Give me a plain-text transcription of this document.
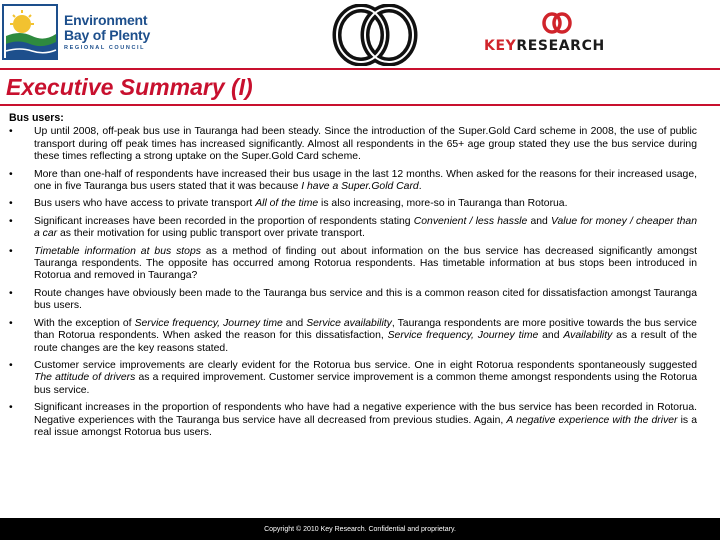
Environment
Bay of Plenty
REGIONAL COUNCIL	KEYRESEARCH
Executive Summary (I)
Bus users:
• Up until 2008, off-peak bus use in Tauranga had been steady. Since the introduction of the Super.Gold Card scheme in 2008, the use of public transport during off peak times has increased significantly. Almost all respondents in the 65+ age group stated they use the bus service during these times reflecting a strong uptake on the Super.Gold Card scheme.
• More than one-half of respondents have increased their bus usage in the last 12 months. When asked for the reasons for their increased usage, one in five Tauranga bus users stated that it was because I have a Super.Gold Card.
• Bus users who have access to private transport All of the time is also increasing, more-so in Tauranga than Rotorua.
• Significant increases have been recorded in the proportion of respondents stating Convenient / less hassle and Value for money / cheaper than a car as their motivation for using public transport over private transport.
• Timetable information at bus stops as a method of finding out about information on the bus service has decreased significantly amongst Tauranga respondents. The opposite has occurred among Rotorua respondents. Has timetable information at bus stops been introduced in Rotorua and removed in Tauranga?
• Route changes have obviously been made to the Tauranga bus service and this is a common reason cited for dissatisfaction amongst Tauranga bus users.
• With the exception of Service frequency, Journey time and Service availability, Tauranga respondents are more positive towards the bus service than Rotorua respondents. When asked the reason for this dissatisfaction, Service frequency, Journey time and Availability as a result of the route changes are the key reasons stated.
• Customer service improvements are clearly evident for the Rotorua bus service. One in eight Rotorua respondents spontaneously suggested The attitude of drivers as a required improvement. Customer service improvement is a common theme amongst respondents using the Rotorua bus service.
• Significant increases in the proportion of respondents who have had a negative experience with the bus service has been recorded in Rotorua. Negative experiences with the Tauranga bus service have all decreased from previous studies. Again, A negative experience with the driver is a real issue amongst Rotorua bus users.
Copyright © 2010 Key Research. Confidential and proprietary.
